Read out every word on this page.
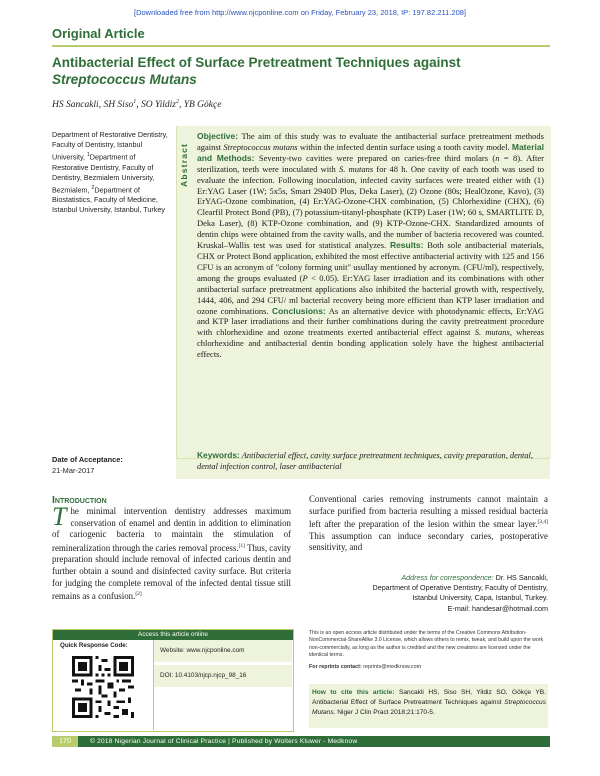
[Downloaded free from http://www.njcponline.com on Friday, February 23, 2018, IP: 197.82.211.208]
Original Article
Antibacterial Effect of Surface Pretreatment Techniques against Streptococcus Mutans
HS Sancakli, SH Siso$^1$, SO Yildiz$^2$, YB Gökçe
Department of Restorative Dentistry, Faculty of Dentistry, Istanbul University, $^1$Department of Restorative Dentistry, Faculty of Dentistry, Bezmialem University, Bezmialem, $^2$Department of Biostatistics, Faculty of Medicine, Istanbul University, Istanbul, Turkey
Abstract
Objective: The aim of this study was to evaluate the antibacterial surface pretreatment methods against Streptococcus mutans within the infected dentin surface using a tooth cavity model. Material and Methods: Seventy-two cavities were prepared on caries-free third molars (n = 8). After sterilization, teeth were inoculated with S. mutans for 48 h. One cavity of each tooth was used to evaluate the infection. Following inoculation, infected cavity surfaces were treated either with (1) Er:YAG Laser (1W; 5x5s, Smart 2940D Plus, Deka Laser), (2) Ozone (80s; HealOzone, Kavo), (3) ErYAG-Ozone combination, (4) Er:YAG-Ozone-CHX combination, (5) Chlorhexidine (CHX), (6) Clearfil Protect Bond (PB), (7) potassium-titanyl-phosphate (KTP) Laser (1W; 60 s, SMARTLITE D, Deka Laser), (8) KTP-Ozone combination, and (9) KTP-Ozone-CHX. Standardized amounts of dentin chips were obtained from the cavity walls, and the number of bacteria recovered was counted. Kruskal–Wallis test was used for statistical analyzes. Results: Both sole antibacterial materials, CHX or Protect Bond application, exhibited the most effective antibacterial activity with 125 and 156 CFU is an acronym of "colony forming unit" usullay mentioned by acronym. (CFU/ml), respectively, among the groups evaluated (P < 0.05). Er:YAG laser irradiation and its combinations with other antibacterial surface pretreatment applications also inhibited the bacterial growth with, respectively, 1444, 406, and 294 CFU/ ml bacterial recovery being more efficient than KTP laser irradiation and ozone combinations. Conclusions: As an alternative device with photodynamic effects, Er:YAG and KTP laser irradiations and their further combinations during the cavity pretreatment procedure with chlorhexidine and ozone treatments exerted antibacterial effect against S. mutans, whereas chlorhexidine and antibacterial dentin bonding application solely have the highest antibacterial effects.
Keywords: Antibacterial effect, cavity surface pretreatment techniques, cavity preparation, dental, dental infection control, laser antibacterial
Date of Acceptance:
21-Mar-2017
Introduction
The minimal intervention dentistry addresses maximum conservation of enamel and dentin in addition to elimination of cariogenic bacteria to maintain the stimulation of remineralization through the caries removal process.[1] Thus, cavity preparation should include removal of infected carious dentin and further obtain a sound and disinfected cavity surface. But criteria for judging the complete removal of the infected dental tissue still remains as a confusion.[2]
Conventional caries removing instruments cannot maintain a surface purified from bacteria resulting a missed residual bacteria left after the preparation of the lesion within the smear layer.[3,4] This assumption can induce secondary caries, postoperative sensitivity, and
Address for correspondence: Dr. HS Sancakli,
Department of Operative Dentistry, Faculty of Dentistry,
Istanbul University, Capa, Istanbul, Turkey.
E-mail: handesar@hotmail.com
This is an open access article distributed under the terms of the Creative Commons Attribution-NonCommercial-ShareAlike 3.0 License, which allows others to remix, tweak, and build upon the work non-commercially, as long as the author is credited and the new creations are licensed under the identical terms.
For reprints contact: reprints@medknow.com
How to cite this article: Sancakli HS, Siso SH, Yildiz SO, Gökçe YB. Antibacterial Effect of Surface Pretreatment Techniques against Streptococcus Mutans. Niger J Clin Pract 2018;21:170-5.
Access this article online
Quick Response Code:
Website: www.njcponline.com
DOI: 10.4103/njcp.njcp_98_16
170	© 2018 Nigerian Journal of Clinical Practice | Published by Wolters Kluwer - Medknow
